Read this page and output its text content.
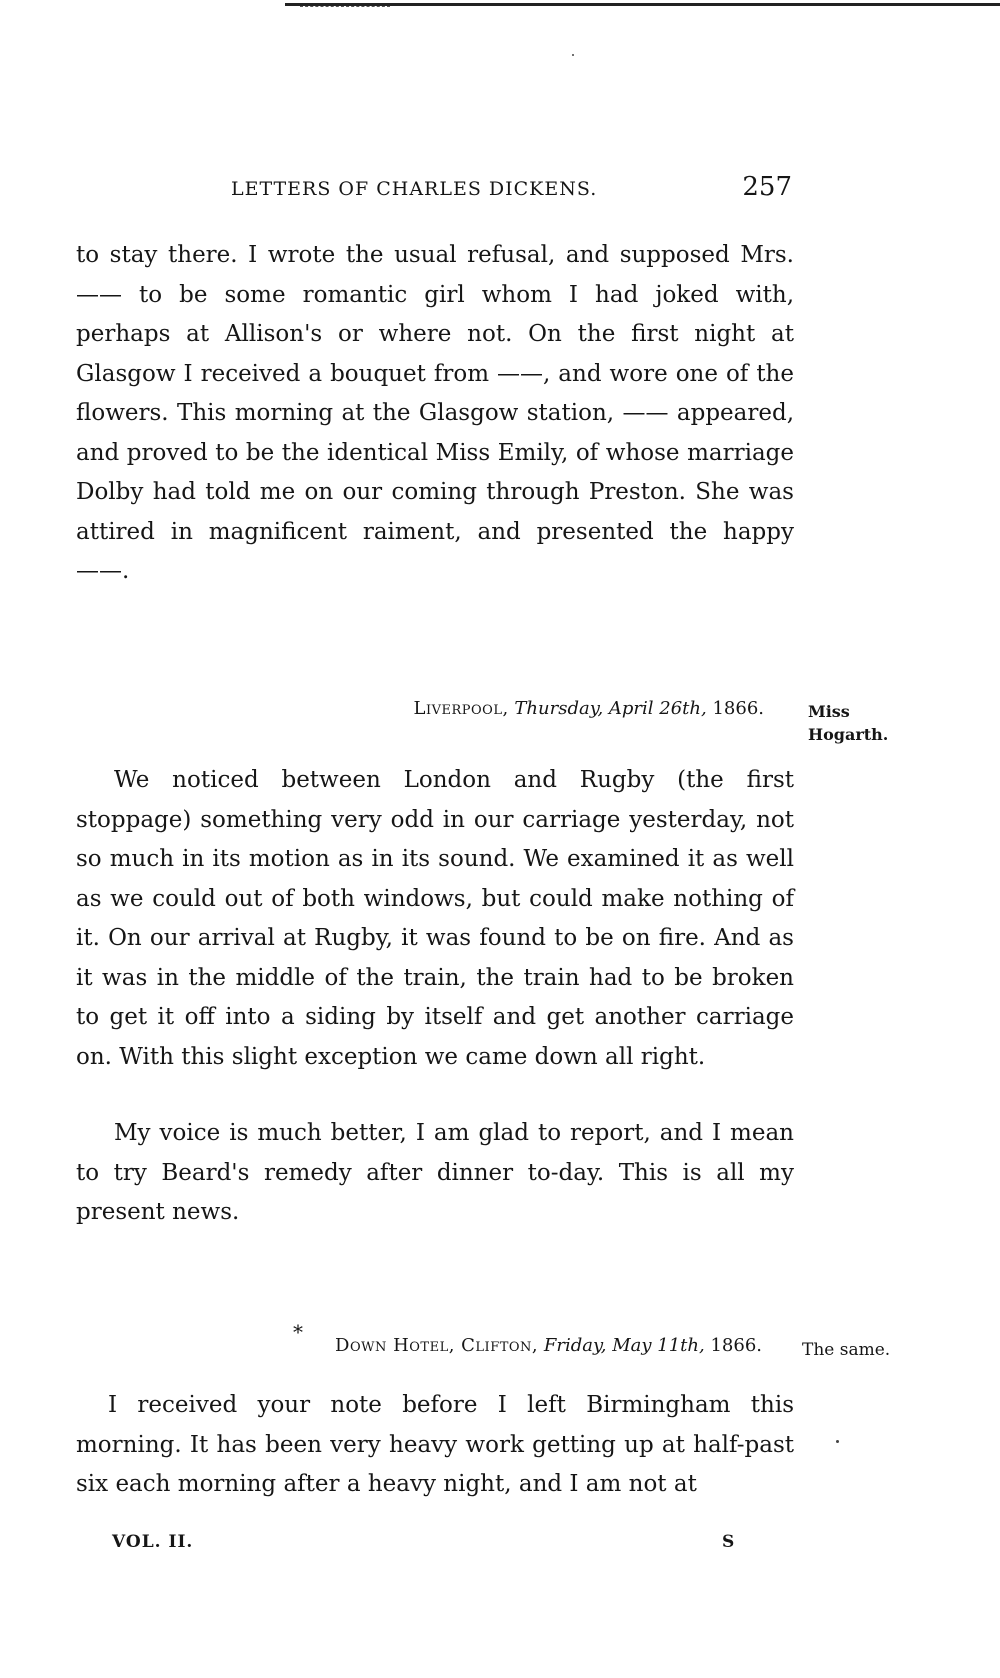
LETTERS OF CHARLES DICKENS.	257

to stay there. I wrote the usual refusal, and supposed Mrs. —— to be some romantic girl whom I had joked with, perhaps at Allison's or where not. On the first night at Glasgow I received a bouquet from ——, and wore one of the flowers. This morning at the Glasgow station, —— appeared, and proved to be the identical Miss Emily, of whose marriage Dolby had told me on our coming through Preston. She was attired in magnificent raiment, and presented the happy ——.

Liverpool, Thursday, April 26th, 1866.	Miss Hogarth.

We noticed between London and Rugby (the first stoppage) something very odd in our carriage yesterday, not so much in its motion as in its sound. We examined it as well as we could out of both windows, but could make nothing of it. On our arrival at Rugby, it was found to be on fire. And as it was in the middle of the train, the train had to be broken to get it off into a siding by itself and get another carriage on. With this slight exception we came down all right.

My voice is much better, I am glad to report, and I mean to try Beard's remedy after dinner to-day. This is all my present news.

*
Down Hotel, Clifton, Friday, May 11th, 1866. The same.

I received your note before I left Birmingham this morning. It has been very heavy work getting up at half-past six each morning after a heavy night, and I am not at

VOL. II.	S
